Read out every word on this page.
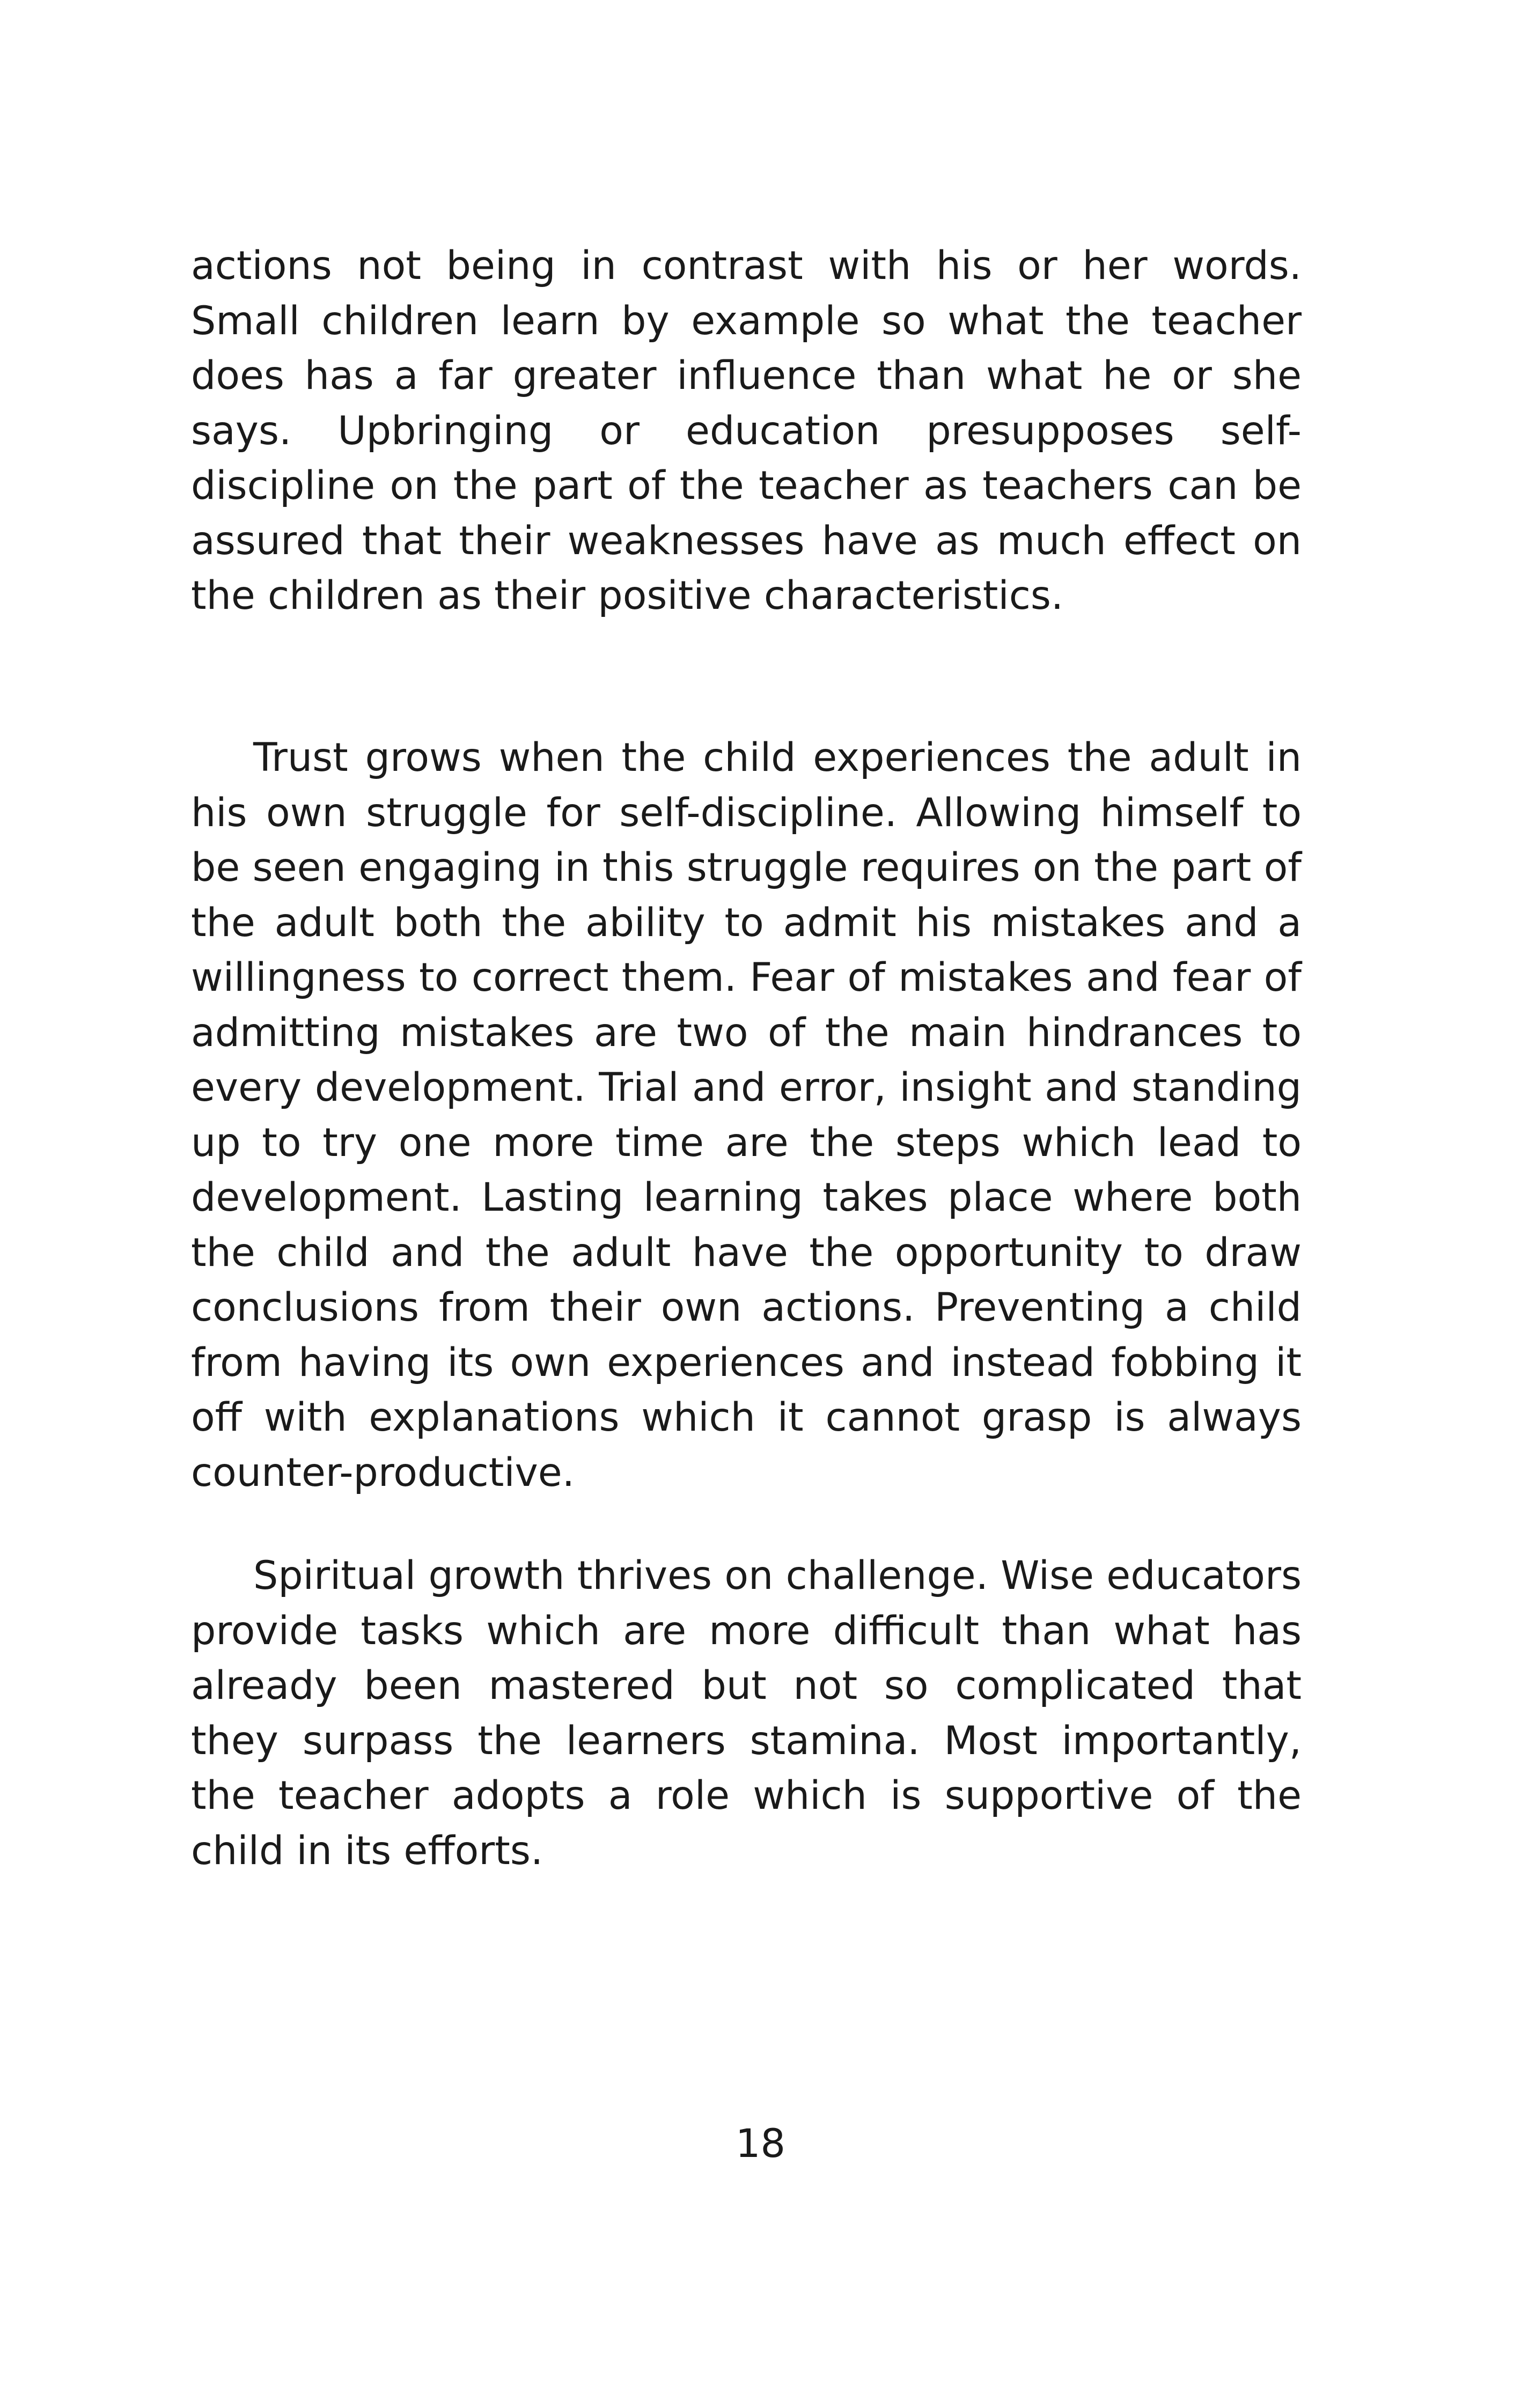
actions not being in contrast with his or her words. Small children learn by example so what the teacher does has a far greater influence than what he or she says. Upbringing or education presupposes self-discipline on the part of the teacher as teachers can be assured that their weaknesses have as much effect on the children as their positive characteristics.

Trust grows when the child experiences the adult in his own struggle for self-discipline. Allowing himself to be seen engaging in this struggle requires on the part of the adult both the ability to admit his mistakes and a willingness to correct them. Fear of mistakes and fear of admitting mistakes are two of the main hindrances to every development. Trial and error, insight and standing up to try one more time are the steps which lead to development. Lasting learning takes place where both the child and the adult have the opportunity to draw conclusions from their own actions. Preventing a child from having its own experiences and instead fobbing it off with explanations which it cannot grasp is always counter-productive.

Spiritual growth thrives on challenge. Wise educators provide tasks which are more difficult than what has already been mastered but not so complicated that they surpass the learners stamina. Most importantly, the teacher adopts a role which is supportive of the child in its efforts.

18
